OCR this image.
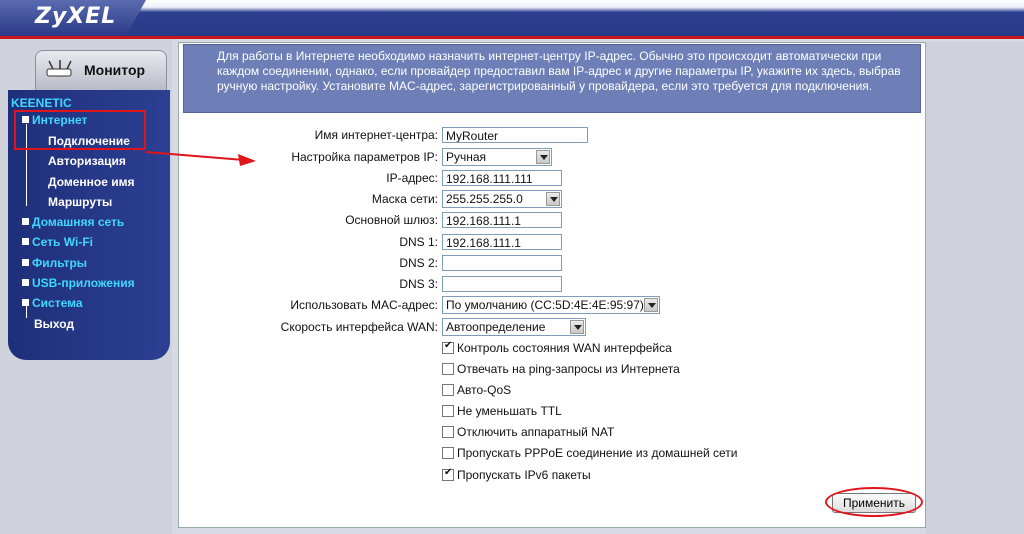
ZyXEL
Монитор
KEENETIC
Интернет
Подключение
Авторизация
Доменное имя
Маршруты
Домашняя сеть
Сеть Wi-Fi
Фильтры
USB-приложения
Система
Выход
Для работы в Интернете необходимо назначить интернет-центру IP-адрес. Обычно это происходит автоматически при каждом соединении, однако, если провайдер предоставил вам IP-адрес и другие параметры IP, укажите их здесь, выбрав ручную настройку. Установите MAC-адрес, зарегистрированный у провайдера, если это требуется для подключения.
Имя интернет-центра: MyRouter
Настройка параметров IP: Ручная
IP-адрес: 192.168.111.111
Маска сети: 255.255.255.0
Основной шлюз: 192.168.111.1
DNS 1: 192.168.111.1
DNS 2:
DNS 3:
Использовать MAC-адрес: По умолчанию (CC:5D:4E:4E:95:97)
Скорость интерфейса WAN: Автоопределение
✔
Контроль состояния WAN интерфейса
Отвечать на ping-запросы из Интернета
Авто-QoS
Не уменьшать TTL
Отключить аппаратный NAT
Пропускать PPPoE соединение из домашней сети
✔
Пропускать IPv6 пакеты
Применить
